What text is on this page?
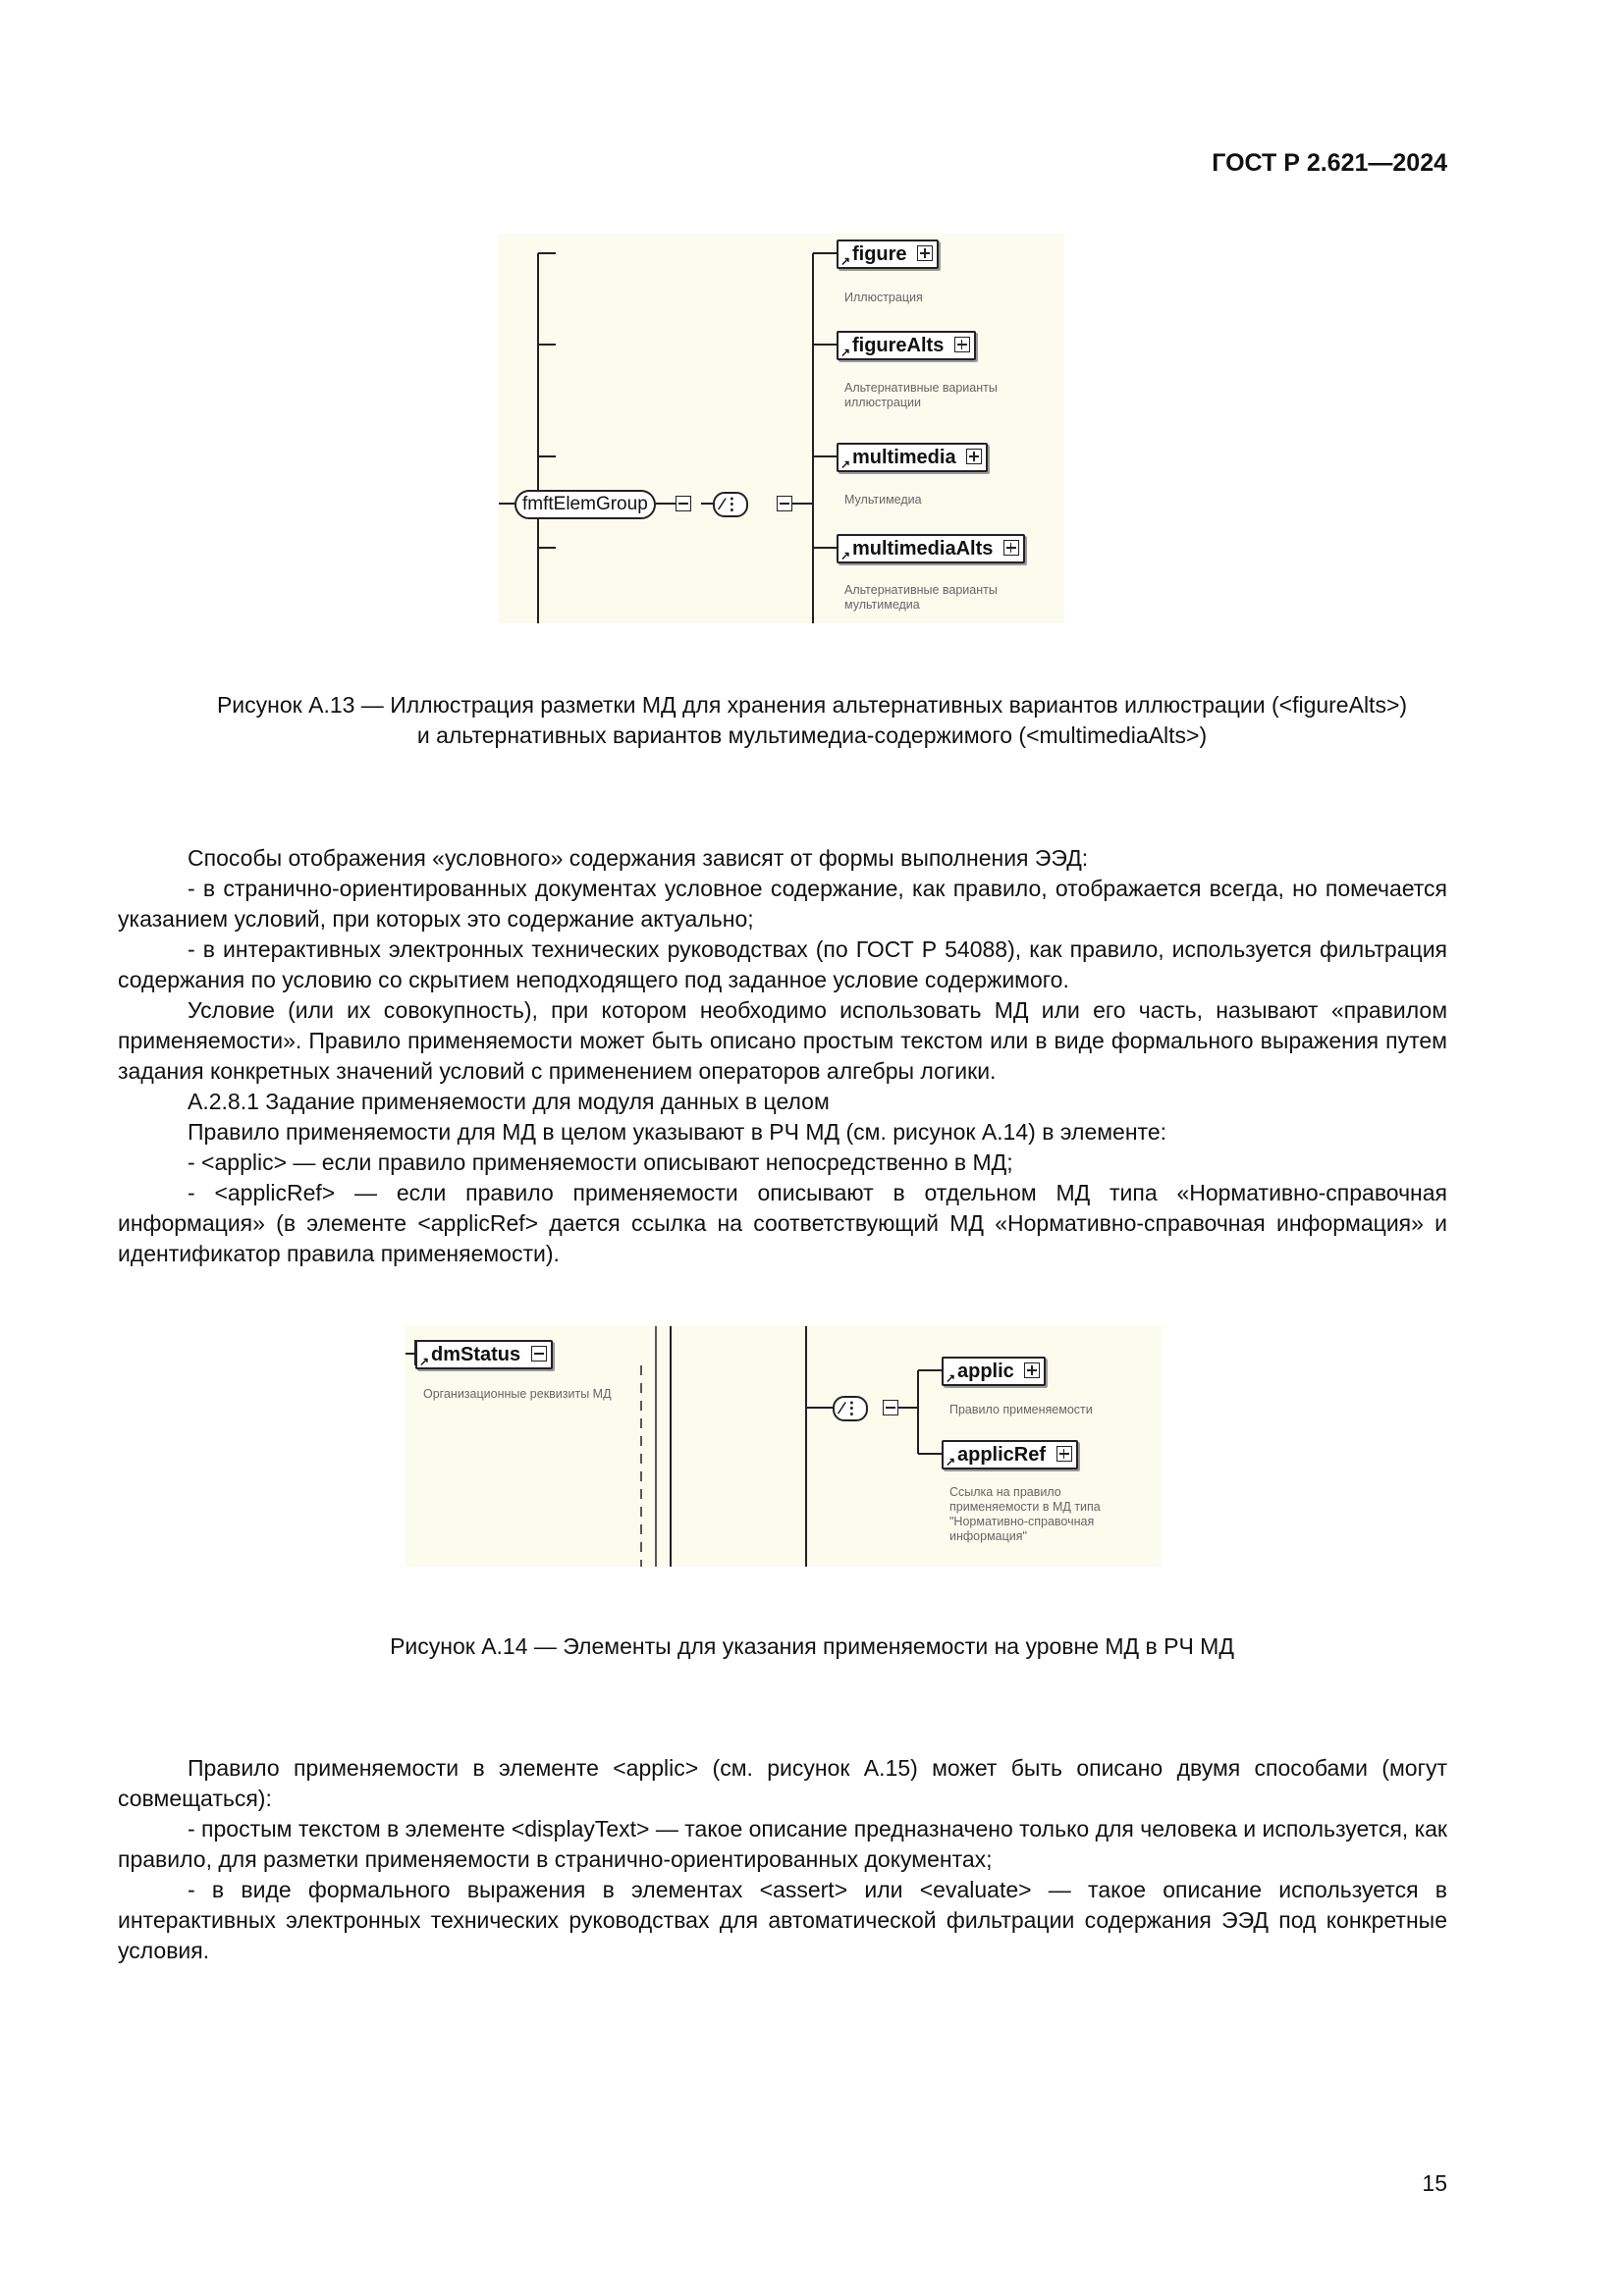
ГОСТ Р 2.621—2024
fmftElemGroup	⁄⋮
↗ figure
Иллюстрация
↗ figureAlts
Альтернативные варианты иллюстрации
↗ multimedia
Мультимедиа
↗ multimediaAlts
Альтернативные варианты мультимедиа
Рисунок А.13 — Иллюстрация разметки МД для хранения альтернативных вариантов иллюстрации (<figureAlts>)
и альтернативных вариантов мультимедиа-содержимого (<multimediaAlts>)

Способы отображения «условного» содержания зависят от формы выполнения ЭЭД:

- в странично-ориентированных документах условное содержание, как правило, отображается всегда, но помечается указанием условий, при которых это содержание актуально;

- в интерактивных электронных технических руководствах (по ГОСТ Р 54088), как правило, используется фильтрация содержания по условию со скрытием неподходящего под заданное условие содержимого.

Условие (или их совокупность), при котором необходимо использовать МД или его часть, называют «правилом применяемости». Правило применяемости может быть описано простым текстом или в виде формального выражения путем задания конкретных значений условий с применением операторов алгебры логики.

А.2.8.1 Задание применяемости для модуля данных в целом

Правило применяемости для МД в целом указывают в РЧ МД (см. рисунок А.14) в элементе:

- <applic> — если правило применяемости описывают непосредственно в МД;

- <applicRef> — если правило применяемости описывают в отдельном МД типа «Нормативно-справочная информация» (в элементе <applicRef> дается ссылка на соответствующий МД «Нормативно-справочная информация» и идентификатор правила применяемости).

↗ dmStatus
Организационные реквизиты МД
⁄⋮
↗ applic
Правило применяемости
↗ applicRef
Ссылка на правило применяемости в МД типа "Нормативно-справочная информация"
Рисунок А.14 — Элементы для указания применяемости на уровне МД в РЧ МД

Правило применяемости в элементе <applic> (см. рисунок А.15) может быть описано двумя способами (могут совмещаться):

- простым текстом в элементе <displayText> — такое описание предназначено только для человека и используется, как правило, для разметки применяемости в странично-ориентированных документах;

- в виде формального выражения в элементах <assert> или <evaluate> — такое описание используется в интерактивных электронных технических руководствах для автоматической фильтрации содержания ЭЭД под конкретные условия.

15
